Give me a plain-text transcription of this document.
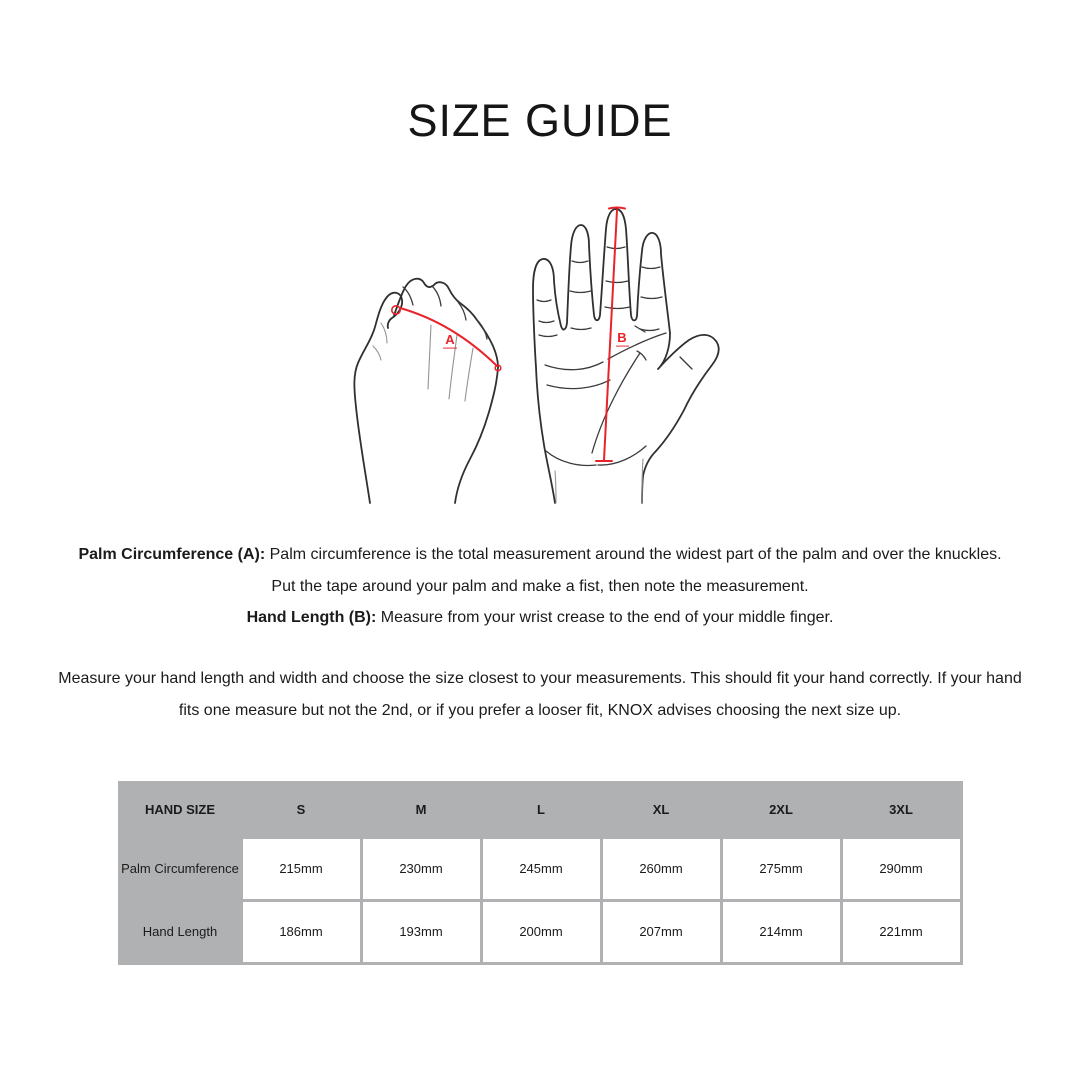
SIZE GUIDE
A	B
Palm Circumference (A): Palm circumference is the total measurement around the widest part of the palm and over the knuckles.
Put the tape around your palm and make a fist, then note the measurement.
Hand Length (B): Measure from your wrist crease to the end of your middle finger.
Measure your hand length and width and choose the size closest to your measurements. This should fit your hand correctly. If your hand
fits one measure but not the 2nd, or if you prefer a looser fit, KNOX advises choosing the next size up.
HAND SIZE	S	M	L	XL	2XL	3XL
Palm Circumference	215mm	230mm	245mm	260mm	275mm	290mm
Hand Length	186mm	193mm	200mm	207mm	214mm	221mm
